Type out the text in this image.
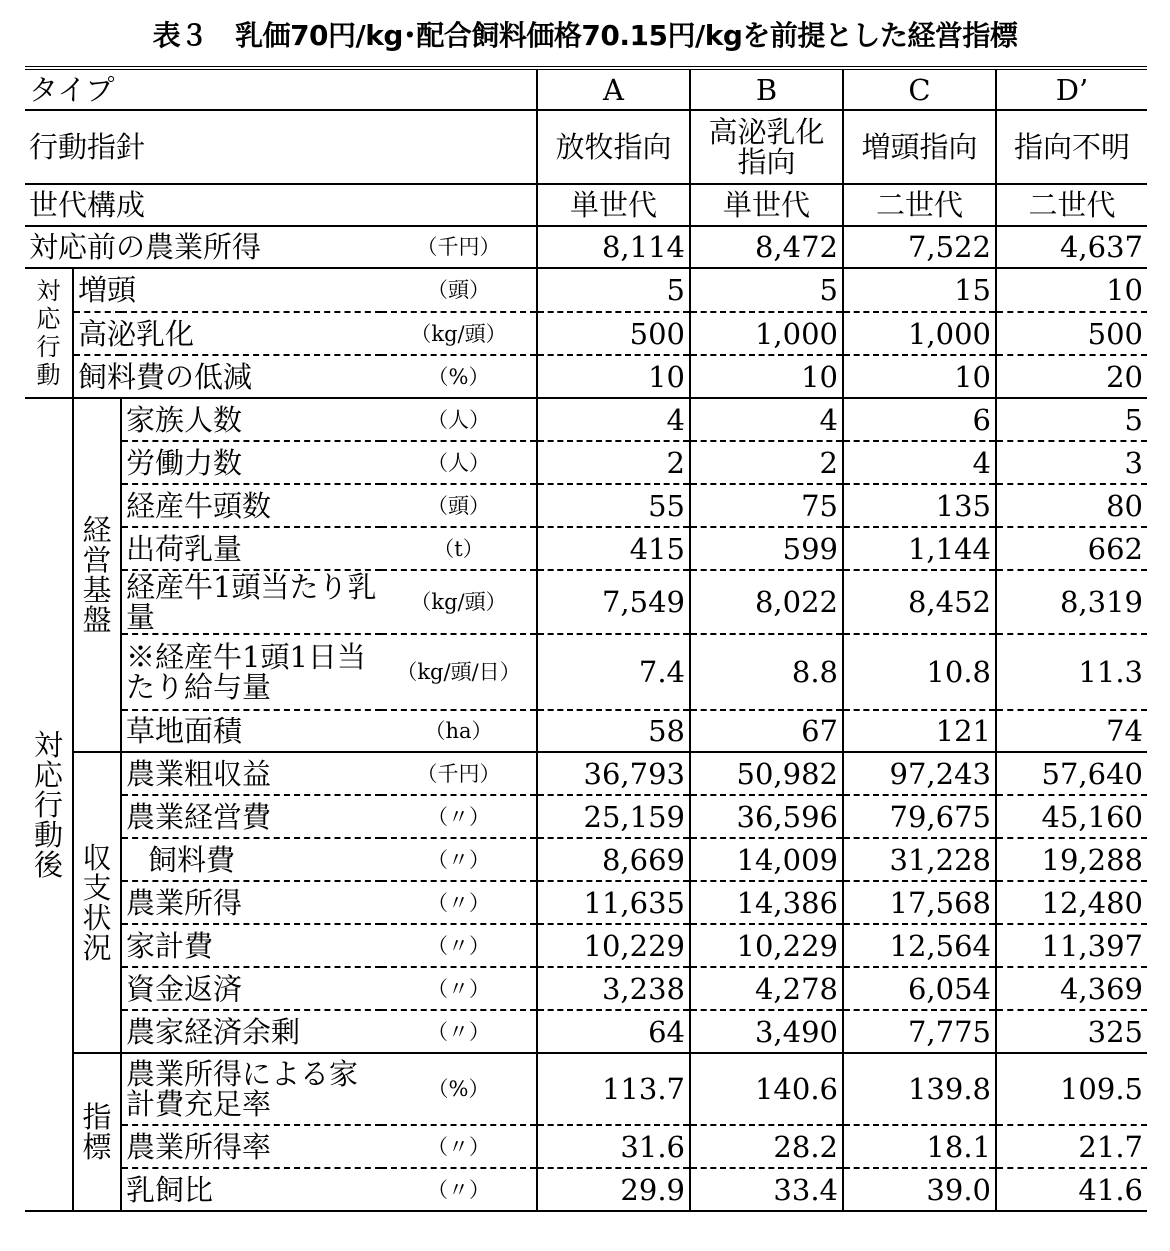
表３　乳価70円/kg･配合飼料価格70.15円/kgを前提とした経営指標
タイプ				A	B	C	D’
行動指針				放牧指向	高泌乳化指向	増頭指向	指向不明
世代構成				単世代	単世代	二世代	二世代
対応前の農業所得			（千円）	8,114	8,472	7,522	4,637

対応行動	増頭		（頭）	5	5	15	10
	高泌乳化		（kg/頭）	500	1,000	1,000	500
	飼料費の低減		（%）	10	10	10	20

対応行動後	経営基盤	家族人数	（人）	4	4	6	5
		労働力数	（人）	2	2	4	3
		経産牛頭数	（頭）	55	75	135	80
		出荷乳量	（t）	415	599	1,144	662
		経産牛1頭当たり乳量	（kg/頭）	7,549	8,022	8,452	8,319
		※経産牛1頭1日当たり給与量	（kg/頭/日）	7.4	8.8	10.8	11.3
		草地面積	（ha）	58	67	121	74

	収支状況	農業粗収益	（千円）	36,793	50,982	97,243	57,640
		農業経営費	（〃）	25,159	36,596	79,675	45,160
		飼料費	（〃）	8,669	14,009	31,228	19,288
		農業所得	（〃）	11,635	14,386	17,568	12,480
		家計費	（〃）	10,229	10,229	12,564	11,397
		資金返済	（〃）	3,238	4,278	6,054	4,369
		農家経済余剰	（〃）	64	3,490	7,775	325

	指標	農業所得による家計費充足率	（%）	113.7	140.6	139.8	109.5
		農業所得率	（〃）	31.6	28.2	18.1	21.7
		乳飼比	（〃）	29.9	33.4	39.0	41.6
